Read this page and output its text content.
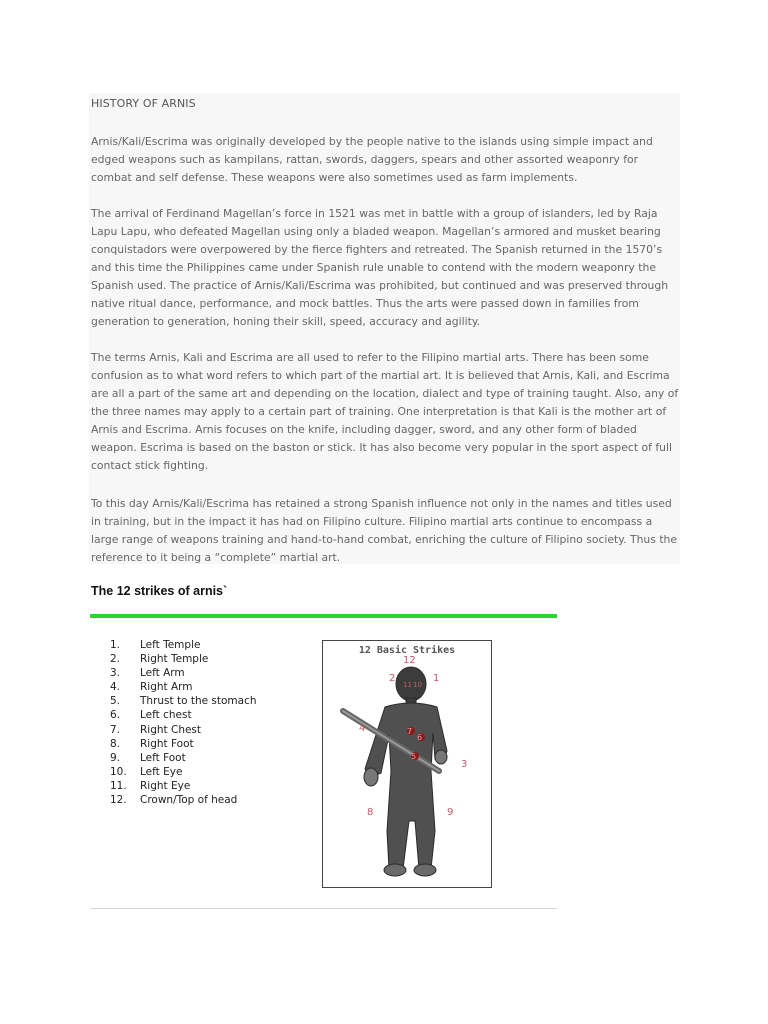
HISTORY OF ARNIS

Arnis/Kali/Escrima was originally developed by the people native to the islands using simple impact and edged weapons such as kampilans, rattan, swords, daggers, spears and other assorted weaponry for combat and self defense. These weapons were also sometimes used as farm implements.

The arrival of Ferdinand Magellan’s force in 1521 was met in battle with a group of islanders, led by Raja Lapu Lapu, who defeated Magellan using only a bladed weapon. Magellan’s armored and musket bearing conquistadors were overpowered by the fierce fighters and retreated. The Spanish returned in the 1570’s and this time the Philippines came under Spanish rule unable to contend with the modern weaponry the Spanish used. The practice of Arnis/Kali/Escrima was prohibited, but continued and was preserved through native ritual dance, performance, and mock battles. Thus the arts were passed down in families from generation to generation, honing their skill, speed, accuracy and agility.

The terms Arnis, Kali and Escrima are all used to refer to the Filipino martial arts. There has been some confusion as to what word refers to which part of the martial art. It is believed that Arnis, Kali, and Escrima are all a part of the same art and depending on the location, dialect and type of training taught. Also, any of the three names may apply to a certain part of training. One interpretation is that Kali is the mother art of Arnis and Escrima. Arnis focuses on the knife, including dagger, sword, and any other form of bladed weapon. Escrima is based on the baston or stick. It has also become very popular in the sport aspect of full contact stick fighting.

To this day Arnis/Kali/Escrima has retained a strong Spanish influence not only in the names and titles used in training, but in the impact it has had on Filipino culture. Filipino martial arts continue to encompass a large range of weapons training and hand-to-hand combat, enriching the culture of Filipino society. Thus the reference to it being a “complete” martial art.

The 12 strikes of arnis`
1. Left Temple
2. Right Temple
3. Left Arm
4. Right Arm
5. Thrust to the stomach
6. Left chest
7. Right Chest
8. Right Foot
9. Left Foot
10. Left Eye
11. Right Eye
12. Crown/Top of head
12
2	1
11 10
4	7
6
3
5
8	9
12 Basic Strikes
